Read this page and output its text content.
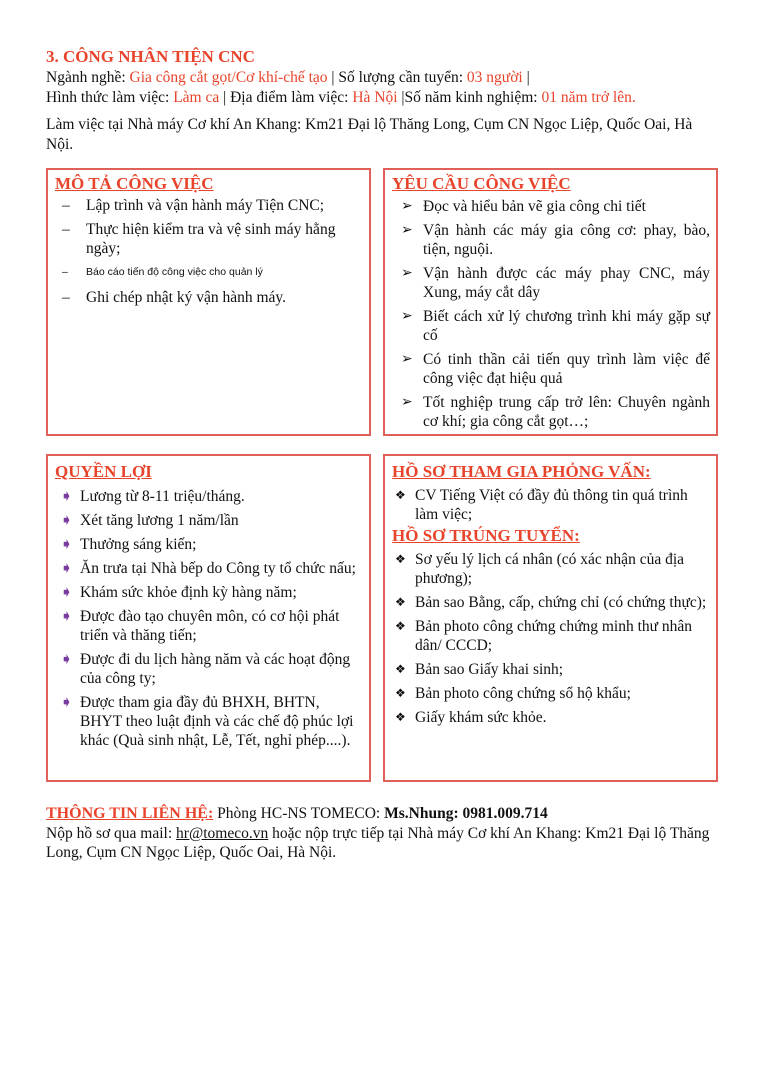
3. CÔNG NHÂN TIỆN CNC
Ngành nghề: Gia công cắt gọt/Cơ khí-chế tạo | Số lượng cần tuyển: 03 người |
Hình thức làm việc: Làm ca | Địa điểm làm việc: Hà Nội |Số năm kinh nghiệm: 01 năm trở lên.
Làm việc tại Nhà máy Cơ khí An Khang: Km21 Đại lộ Thăng Long, Cụm CN Ngọc Liệp, Quốc Oai, Hà Nội.
MÔ TẢ CÔNG VIỆC
– Lập trình và vận hành máy Tiện CNC;
– Thực hiện kiểm tra và vệ sinh máy hằng ngày;
– Báo cáo tiến độ công việc cho quản lý
– Ghi chép nhật ký vận hành máy.
YÊU CẦU CÔNG VIỆC
➢ Đọc và hiểu bản vẽ gia công chi tiết
➢ Vận hành các máy gia công cơ: phay, bào, tiện, nguội.
➢ Vận hành được các máy phay CNC, máy Xung, máy cắt dây
➢ Biết cách xử lý chương trình khi máy gặp sự cố
➢ Có tinh thần cải tiến quy trình làm việc để công việc đạt hiệu quả
➢ Tốt nghiệp trung cấp trở lên: Chuyên ngành cơ khí; gia công cắt gọt…;
QUYỀN LỢI
➧ Lương từ 8-11 triệu/tháng.
➧ Xét tăng lương 1 năm/lần
➧ Thưởng sáng kiến;
➧ Ăn trưa tại Nhà bếp do Công ty tổ chức nấu;
➧ Khám sức khỏe định kỳ hàng năm;
➧ Được đào tạo chuyên môn, có cơ hội phát triển và thăng tiến;
➧ Được đi du lịch hàng năm và các hoạt động của công ty;
➧ Được tham gia đầy đủ BHXH, BHTN, BHYT theo luật định và các chế độ phúc lợi khác (Quà sinh nhật, Lễ, Tết, nghỉ phép....).
HỒ SƠ THAM GIA PHỎNG VẤN:
❖ CV Tiếng Việt có đầy đủ thông tin quá trình làm việc;
HỒ SƠ TRÚNG TUYỂN:
❖ Sơ yếu lý lịch cá nhân (có xác nhận của địa phương);
❖ Bản sao Bằng, cấp, chứng chỉ (có chứng thực);
❖ Bản photo công chứng chứng minh thư nhân dân/ CCCD;
❖ Bản sao Giấy khai sinh;
❖ Bản photo công chứng sổ hộ khẩu;
❖ Giấy khám sức khỏe.
THÔNG TIN LIÊN HỆ: Phòng HC-NS TOMECO: Ms.Nhung: 0981.009.714
Nộp hồ sơ qua mail: hr@tomeco.vn hoặc nộp trực tiếp tại Nhà máy Cơ khí An Khang: Km21 Đại lộ Thăng Long, Cụm CN Ngọc Liệp, Quốc Oai, Hà Nội.
